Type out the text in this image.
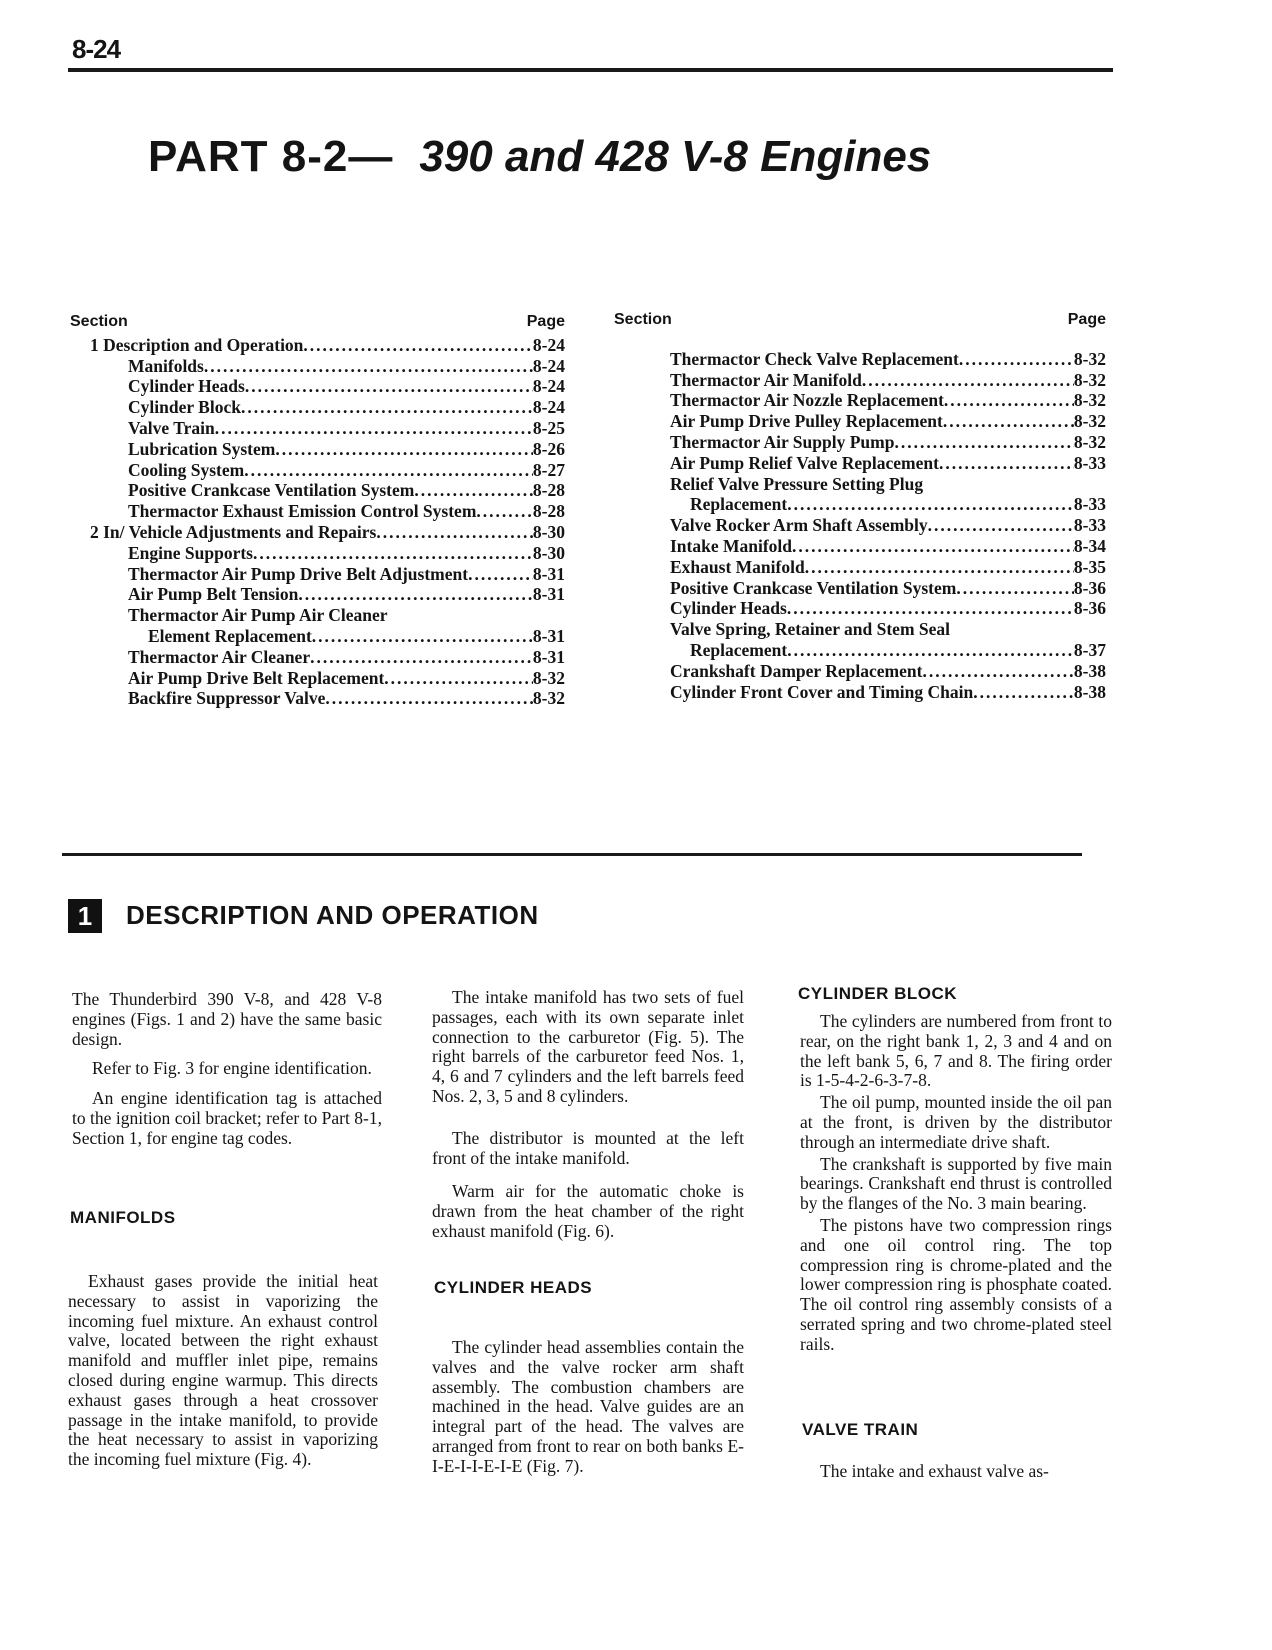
8-24
PART 8-2— 390 and 428 V-8 Engines
Section	Page
1 Description and Operation .....	8-24
Manifolds .....	8-24
Cylinder Heads .....	8-24
Cylinder Block .....	8-24
Valve Train .....	8-25
Lubrication System .....	8-26
Cooling System .....	8-27
Positive Crankcase Ventilation System .....	8-28
Thermactor Exhaust Emission Control System .....	8-28
2 In/ Vehicle Adjustments and Repairs .....	8-30
Engine Supports .....	8-30
Thermactor Air Pump Drive Belt Adjustment .....	8-31
Air Pump Belt Tension .....	8-31
Thermactor Air Pump Air Cleaner
Element Replacement .....	8-31
Thermactor Air Cleaner .....	8-31
Air Pump Drive Belt Replacement .....	8-32
Backfire Suppressor Valve .....	8-32
Section	Page
Thermactor Check Valve Replacement .....	8-32
Thermactor Air Manifold .....	8-32
Thermactor Air Nozzle Replacement .....	8-32
Air Pump Drive Pulley Replacement .....	8-32
Thermactor Air Supply Pump .....	8-32
Air Pump Relief Valve Replacement .....	8-33
Relief Valve Pressure Setting Plug
Replacement .....	8-33
Valve Rocker Arm Shaft Assembly .....	8-33
Intake Manifold .....	8-34
Exhaust Manifold .....	8-35
Positive Crankcase Ventilation System .....	8-36
Cylinder Heads .....	8-36
Valve Spring, Retainer and Stem Seal
Replacement .....	8-37
Crankshaft Damper Replacement .....	8-38
Cylinder Front Cover and Timing Chain .....	8-38
1	DESCRIPTION AND OPERATION

The Thunderbird 390 V-8, and 428 V-8 engines (Figs. 1 and 2) have the same basic design.

Refer to Fig. 3 for engine identification.

An engine identification tag is attached to the ignition coil bracket; refer to Part 8-1, Section 1, for engine tag codes.

MANIFOLDS

Exhaust gases provide the initial heat necessary to assist in vaporizing the incoming fuel mixture. An exhaust control valve, located between the right exhaust manifold and muffler inlet pipe, remains closed during engine warmup. This directs exhaust gases through a heat crossover passage in the intake manifold, to provide the heat necessary to assist in vaporizing the incoming fuel mixture (Fig. 4).

The intake manifold has two sets of fuel passages, each with its own separate inlet connection to the carburetor (Fig. 5). The right barrels of the carburetor feed Nos. 1, 4, 6 and 7 cylinders and the left barrels feed Nos. 2, 3, 5 and 8 cylinders.

The distributor is mounted at the left front of the intake manifold.

Warm air for the automatic choke is drawn from the heat chamber of the right exhaust manifold (Fig. 6).

CYLINDER HEADS

The cylinder head assemblies contain the valves and the valve rocker arm shaft assembly. The combustion chambers are machined in the head. Valve guides are an integral part of the head. The valves are arranged from front to rear on both banks E-I-E-I-I-E-I-E (Fig. 7).

CYLINDER BLOCK

The cylinders are numbered from front to rear, on the right bank 1, 2, 3 and 4 and on the left bank 5, 6, 7 and 8. The firing order is 1-5-4-2-6-3-7-8.

The oil pump, mounted inside the oil pan at the front, is driven by the distributor through an intermediate drive shaft.

The crankshaft is supported by five main bearings. Crankshaft end thrust is controlled by the flanges of the No. 3 main bearing.

The pistons have two compression rings and one oil control ring. The top compression ring is chrome-plated and the lower compression ring is phosphate coated. The oil control ring assembly consists of a serrated spring and two chrome-plated steel rails.

VALVE TRAIN

The intake and exhaust valve as-
